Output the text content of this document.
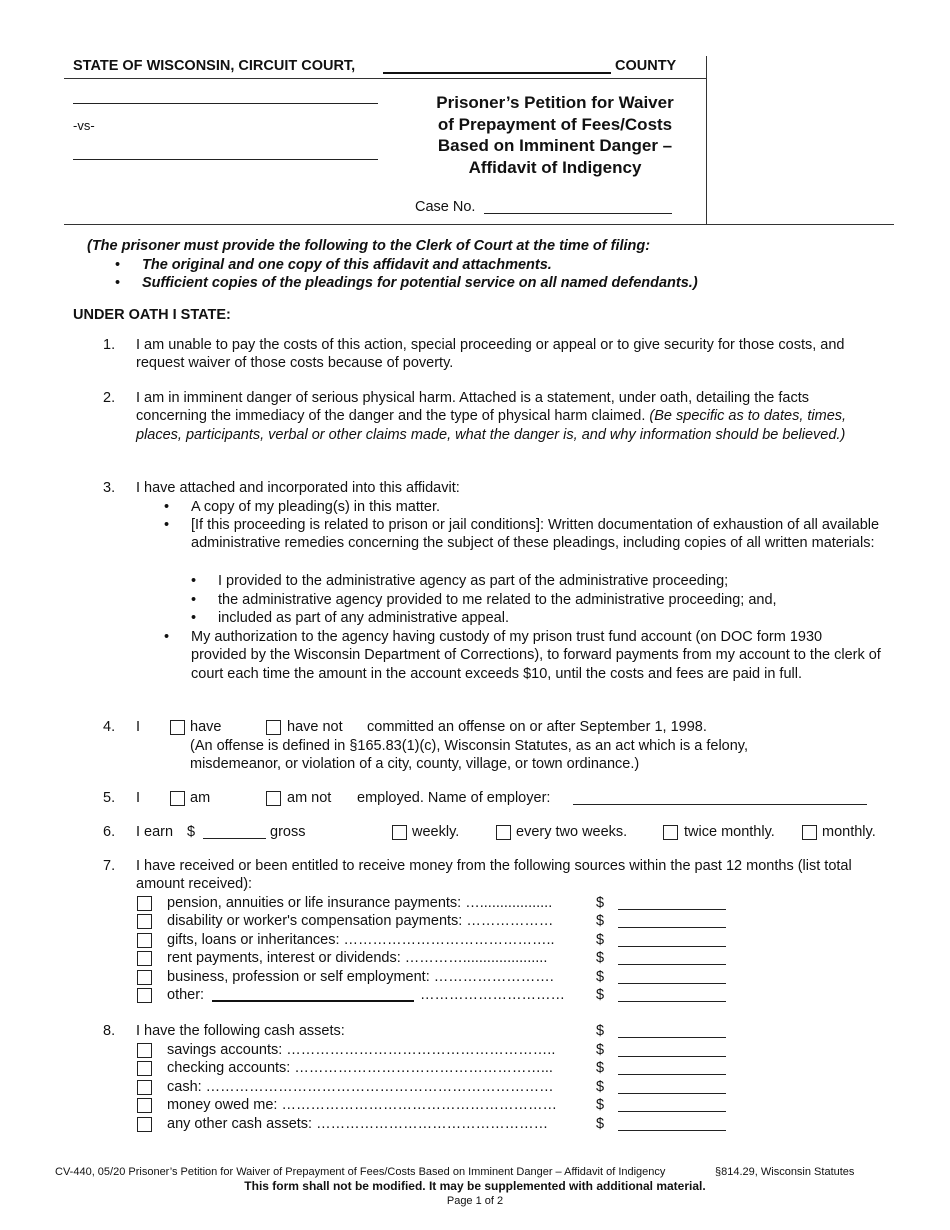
STATE OF WISCONSIN, CIRCUIT COURT,	COUNTY
-vs-
Prisoner’s Petition for Waiver
of Prepayment of Fees/Costs
Based on Imminent Danger –
Affidavit of Indigency
Case No.
(The prisoner must provide the following to the Clerk of Court at the time of filing:
• The original and one copy of this affidavit and attachments.
• Sufficient copies of the pleadings for potential service on all named defendants.)
UNDER OATH I STATE:
1.	I am unable to pay the costs of this action, special proceeding or appeal or to give security for those costs, and request waiver of those costs because of poverty.
2.	I am in imminent danger of serious physical harm. Attached is a statement, under oath, detailing the facts concerning the immediacy of the danger and the type of physical harm claimed. (Be specific as to dates, times, places, participants, verbal or other claims made, what the danger is, and why information should be believed.)
3.	I have attached and incorporated into this affidavit:
• A copy of my pleading(s) in this matter.
• [If this proceeding is related to prison or jail conditions]: Written documentation of exhaustion of all available administrative remedies concerning the subject of these pleadings, including copies of all written materials:
• I provided to the administrative agency as part of the administrative proceeding;
• the administrative agency provided to me related to the administrative proceeding; and,
• included as part of any administrative appeal.
• My authorization to the agency having custody of my prison trust fund account (on DOC form 1930 provided by the Wisconsin Department of Corrections), to forward payments from my account to the clerk of court each time the amount in the account exceeds $10, until the costs and fees are paid in full.
4.	I	have	have not committed an offense on or after September 1, 1998.
(An offense is defined in §165.83(1)(c), Wisconsin Statutes, as an act which is a felony, misdemeanor, or violation of a city, county, village, or town ordinance.)
5.	I	am	am not employed. Name of employer:
6.	I earn $	gross	weekly.	every two weeks.	twice monthly.	monthly.
7.	I have received or been entitled to receive money from the following sources within the past 12 months (list total amount received):
pension, annuities or life insurance payments: …..................	$
disability or worker's compensation payments: ………………	$
gifts, loans or inheritances: ……………………………………..	$
rent payments, interest or dividends: ………….....................	$
business, profession or self employment: …………………….	$
other:	………………………… $
8.	I have the following cash assets:	$
savings accounts: ………………………………………………..	$
checking accounts: ……………………………………………...	$
cash: ………………………………………………………………	$
money owed me: …………………………………………………	$
any other cash assets: …………………………………………	$
CV-440, 05/20 Prisoner’s Petition for Waiver of Prepayment of Fees/Costs Based on Imminent Danger – Affidavit of Indigency	§814.29, Wisconsin Statutes
This form shall not be modified. It may be supplemented with additional material.
Page 1 of 2
